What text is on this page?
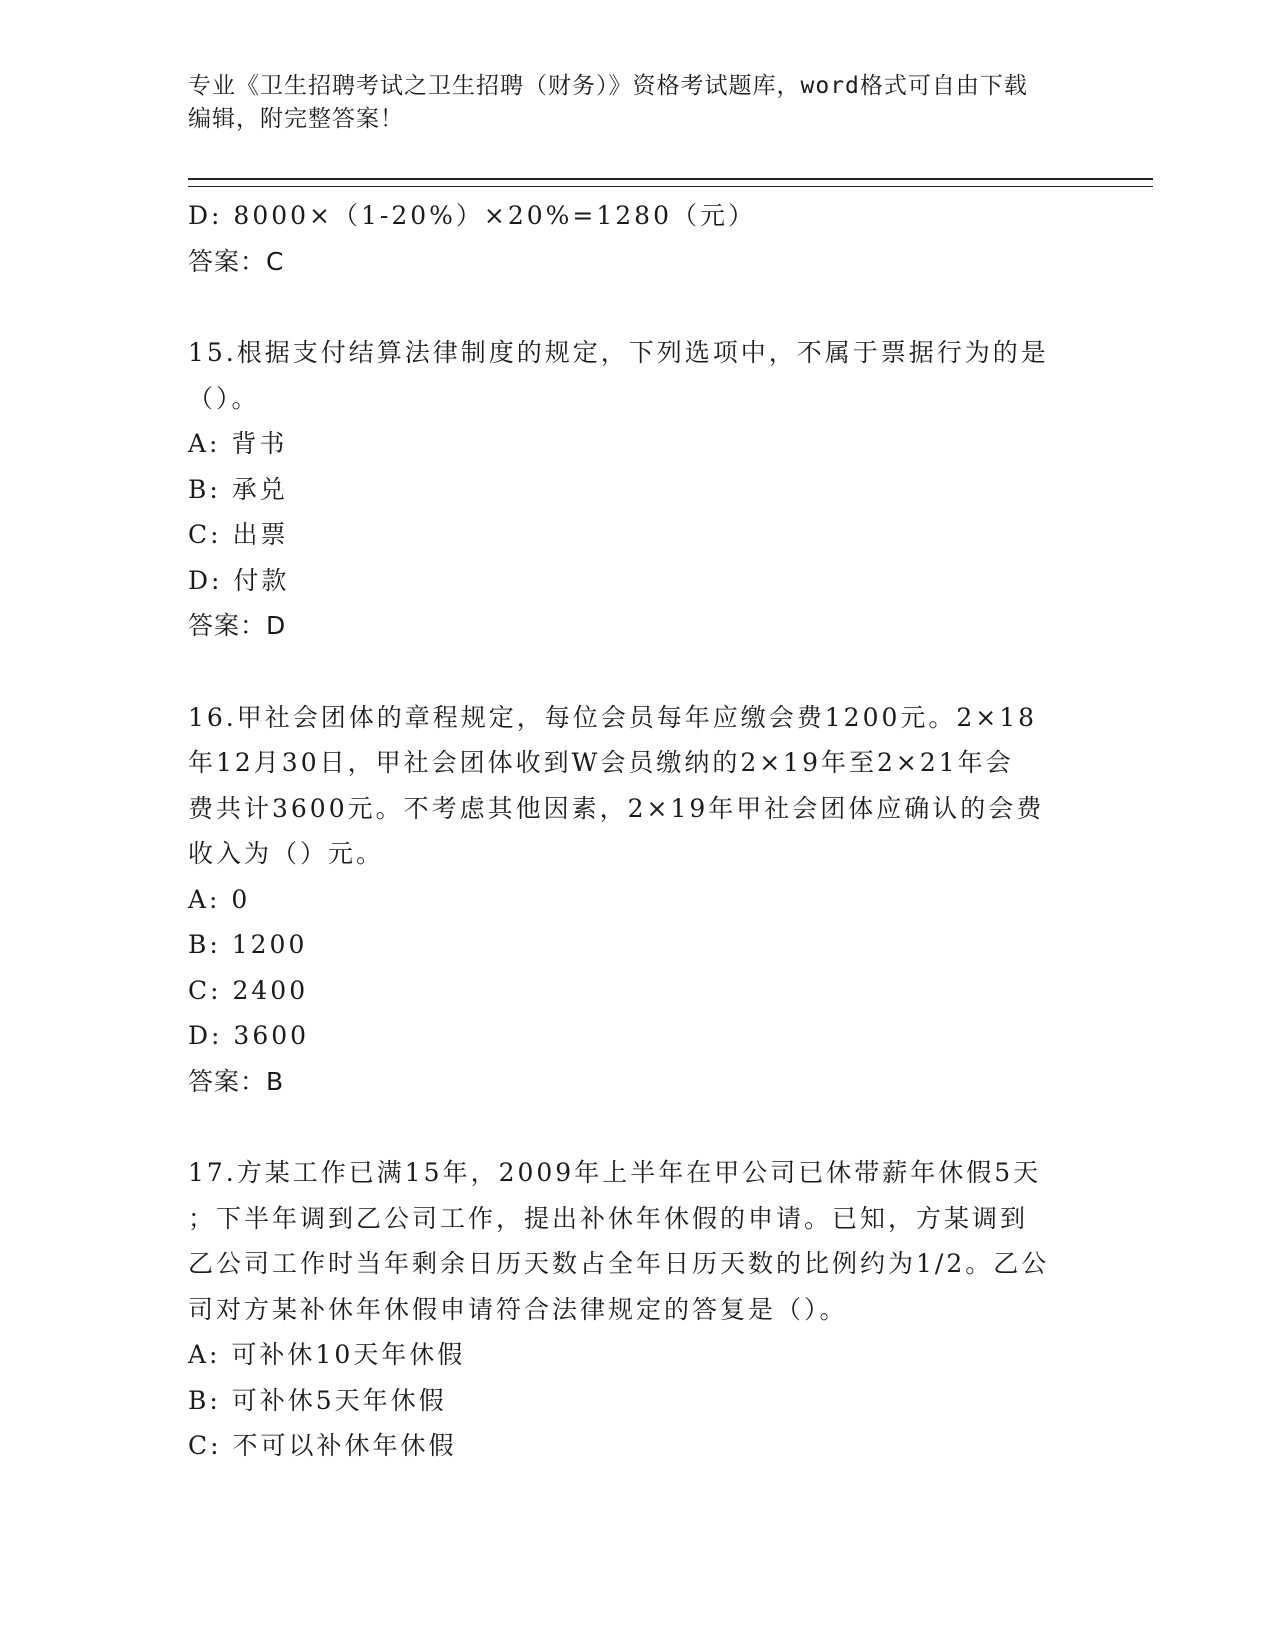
专业《卫生招聘考试之卫生招聘（财务）》资格考试题库，word格式可自由下载
编辑，附完整答案！

D: 8000×（1-20%）×20%=1280（元）

答案：C

15.根据支付结算法律制度的规定，下列选项中，不属于票据行为的是

（）。

A: 背书

B: 承兑

C: 出票

D: 付款

答案：D

16.甲社会团体的章程规定，每位会员每年应缴会费1200元。2×18

年12月30日，甲社会团体收到W会员缴纳的2×19年至2×21年会

费共计3600元。不考虑其他因素，2×19年甲社会团体应确认的会费

收入为（）元。

A: 0

B: 1200

C: 2400

D: 3600

答案：B

17.方某工作已满15年，2009年上半年在甲公司已休带薪年休假5天

；下半年调到乙公司工作，提出补休年休假的申请。已知，方某调到

乙公司工作时当年剩余日历天数占全年日历天数的比例约为1/2。乙公

司对方某补休年休假申请符合法律规定的答复是（）。

A: 可补休10天年休假

B: 可补休5天年休假

C: 不可以补休年休假
